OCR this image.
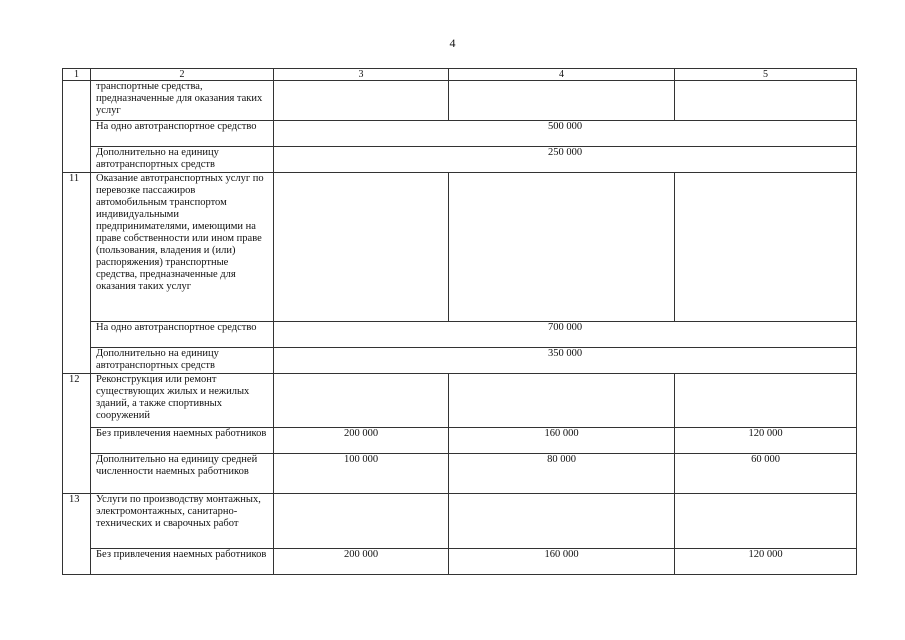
4
1	2	3	4	5
	транспортные средства, предназначенные для оказания таких услуг			
	На одно автотранспортное средство	500 000		
	Дополнительно на единицу автотранспортных средств	250 000		
11	Оказание автотранспортных услуг по перевозке пассажиров автомобильным транспортом индивидуальными предпринимателями, имеющими на праве собственности или ином праве (пользования, владения и (или) распоряжения) транспортные средства, предназначенные для оказания таких услуг			
	На одно автотранспортное средство	700 000		
	Дополнительно на единицу автотранспортных средств	350 000		
12	Реконструкция или ремонт существующих жилых и нежилых зданий, а также спортивных сооружений			
	Без привлечения наемных работников	200 000	160 000	120 000
	Дополнительно на единицу средней численности наемных работников	100 000	80 000	60 000
13	Услуги по производству монтажных, электромонтажных, санитарно-технических и сварочных работ			
	Без привлечения наемных работников	200 000	160 000	120 000
